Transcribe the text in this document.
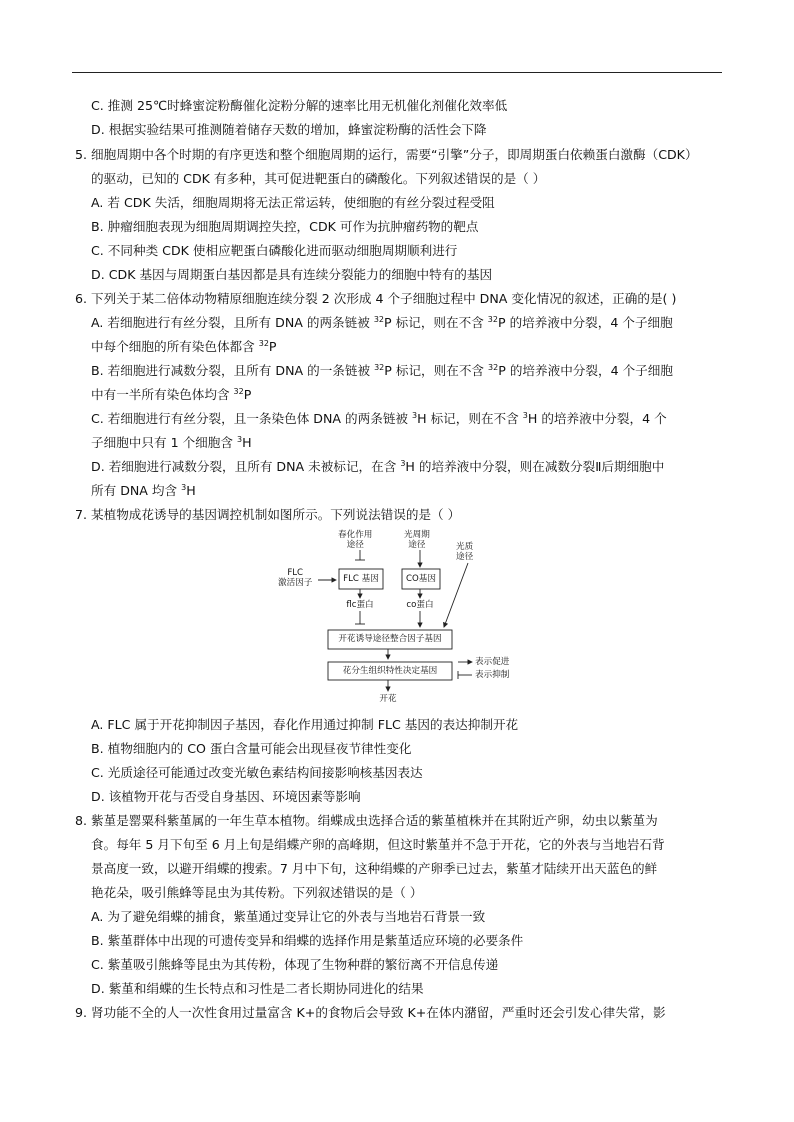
C. 推测 25℃时蜂蜜淀粉酶催化淀粉分解的速率比用无机催化剂催化效率低
D. 根据实验结果可推测随着储存天数的增加，蜂蜜淀粉酶的活性会下降
5. 细胞周期中各个时期的有序更迭和整个细胞周期的运行，需要“引擎”分子，即周期蛋白依赖蛋白激酶（CDK）
的驱动，已知的 CDK 有多种，其可促进靶蛋白的磷酸化。下列叙述错误的是（ ）
A. 若 CDK 失活，细胞周期将无法正常运转，使细胞的有丝分裂过程受阻
B. 肿瘤细胞表现为细胞周期调控失控，CDK 可作为抗肿瘤药物的靶点
C. 不同种类 CDK 使相应靶蛋白磷酸化进而驱动细胞周期顺利进行
D. CDK 基因与周期蛋白基因都是具有连续分裂能力的细胞中特有的基因
6. 下列关于某二倍体动物精原细胞连续分裂 2 次形成 4 个子细胞过程中 DNA 变化情况的叙述，正确的是( )
A. 若细胞进行有丝分裂，且所有 DNA 的两条链被 $^{32}$P 标记，则在不含 $^{32}$P 的培养液中分裂，4 个子细胞
中每个细胞的所有染色体都含 $^{32}$P
B. 若细胞进行减数分裂，且所有 DNA 的一条链被 $^{32}$P 标记，则在不含 $^{32}$P 的培养液中分裂，4 个子细胞
中有一半所有染色体均含 $^{32}$P
C. 若细胞进行有丝分裂，且一条染色体 DNA 的两条链被 $^3$H 标记，则在不含 $^3$H 的培养液中分裂，4 个
子细胞中只有 1 个细胞含 $^3$H
D. 若细胞进行减数分裂，且所有 DNA 未被标记，在含 $^3$H 的培养液中分裂，则在减数分裂Ⅱ后期细胞中
所有 DNA 均含 $^3$H
7. 某植物成花诱导的基因调控机制如图所示。下列说法错误的是（ ）
春化作用
途径
光周期
途径	光质
途径
FLC
激活因子	FLC 基因	CO基因
flc蛋白	co蛋白
开花诱导途径整合因子基因
花分生组织特性决定基因
开花
表示促进
表示抑制
A. FLC 属于开花抑制因子基因，春化作用通过抑制 FLC 基因的表达抑制开花
B. 植物细胞内的 CO 蛋白含量可能会出现昼夜节律性变化
C. 光质途径可能通过改变光敏色素结构间接影响核基因表达
D. 该植物开花与否受自身基因、环境因素等影响
8. 紫堇是罂粟科紫堇属的一年生草本植物。绢蝶成虫选择合适的紫堇植株并在其附近产卵，幼虫以紫堇为
食。每年 5 月下旬至 6 月上旬是绢蝶产卵的高峰期，但这时紫堇并不急于开花，它的外表与当地岩石背
景高度一致，以避开绢蝶的搜索。7 月中下旬，这种绢蝶的产卵季已过去，紫堇才陆续开出天蓝色的鲜
艳花朵，吸引熊蜂等昆虫为其传粉。下列叙述错误的是（ ）
A. 为了避免绢蝶的捕食，紫堇通过变异让它的外表与当地岩石背景一致
B. 紫堇群体中出现的可遗传变异和绢蝶的选择作用是紫堇适应环境的必要条件
C. 紫堇吸引熊蜂等昆虫为其传粉，体现了生物种群的繁衍离不开信息传递
D. 紫堇和绢蝶的生长特点和习性是二者长期协同进化的结果
9. 肾功能不全的人一次性食用过量富含 K+的食物后会导致 K+在体内潴留，严重时还会引发心律失常，影
